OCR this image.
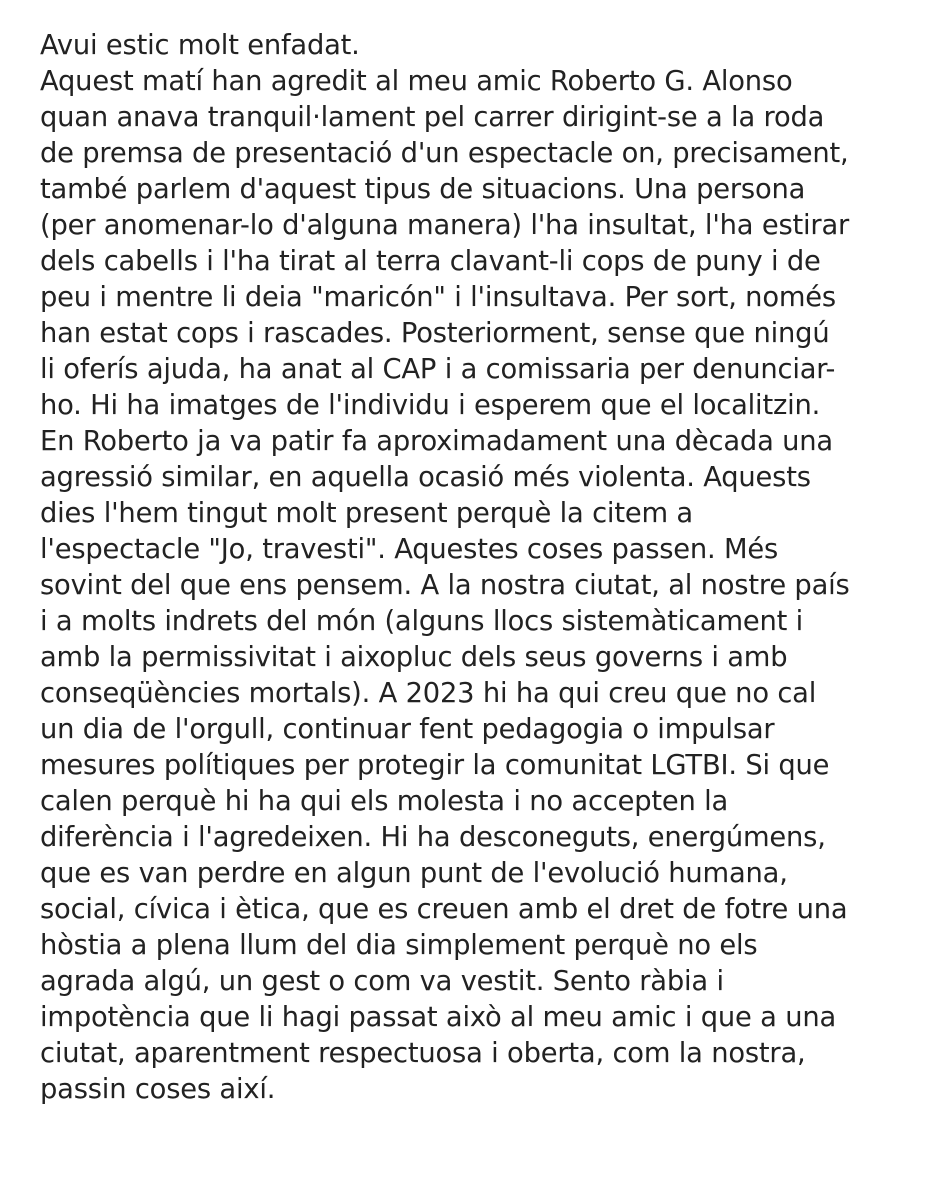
Avui estic molt enfadat.
Aquest matí han agredit al meu amic Roberto G. Alonso
quan anava tranquil·lament pel carrer dirigint-se a la roda
de premsa de presentació d'un espectacle on, precisament,
també parlem d'aquest tipus de situacions. Una persona
(per anomenar-lo d'alguna manera) l'ha insultat, l'ha estirar
dels cabells i l'ha tirat al terra clavant-li cops de puny i de
peu i mentre li deia "maricón" i l'insultava. Per sort, només
han estat cops i rascades. Posteriorment, sense que ningú
li oferís ajuda, ha anat al CAP i a comissaria per denunciar-
ho. Hi ha imatges de l'individu i esperem que el localitzin.
En Roberto ja va patir fa aproximadament una dècada una
agressió similar, en aquella ocasió més violenta. Aquests
dies l'hem tingut molt present perquè la citem a
l'espectacle "Jo, travesti". Aquestes coses passen. Més
sovint del que ens pensem. A la nostra ciutat, al nostre país
i a molts indrets del món (alguns llocs sistemàticament i
amb la permissivitat i aixopluc dels seus governs i amb
conseqüències mortals). A 2023 hi ha qui creu que no cal
un dia de l'orgull, continuar fent pedagogia o impulsar
mesures polítiques per protegir la comunitat LGTBI. Si que
calen perquè hi ha qui els molesta i no accepten la
diferència i l'agredeixen. Hi ha desconeguts, energúmens,
que es van perdre en algun punt de l'evolució humana,
social, cívica i ètica, que es creuen amb el dret de fotre una
hòstia a plena llum del dia simplement perquè no els
agrada algú, un gest o com va vestit. Sento ràbia i
impotència que li hagi passat això al meu amic i que a una
ciutat, aparentment respectuosa i oberta, com la nostra,
passin coses així.
